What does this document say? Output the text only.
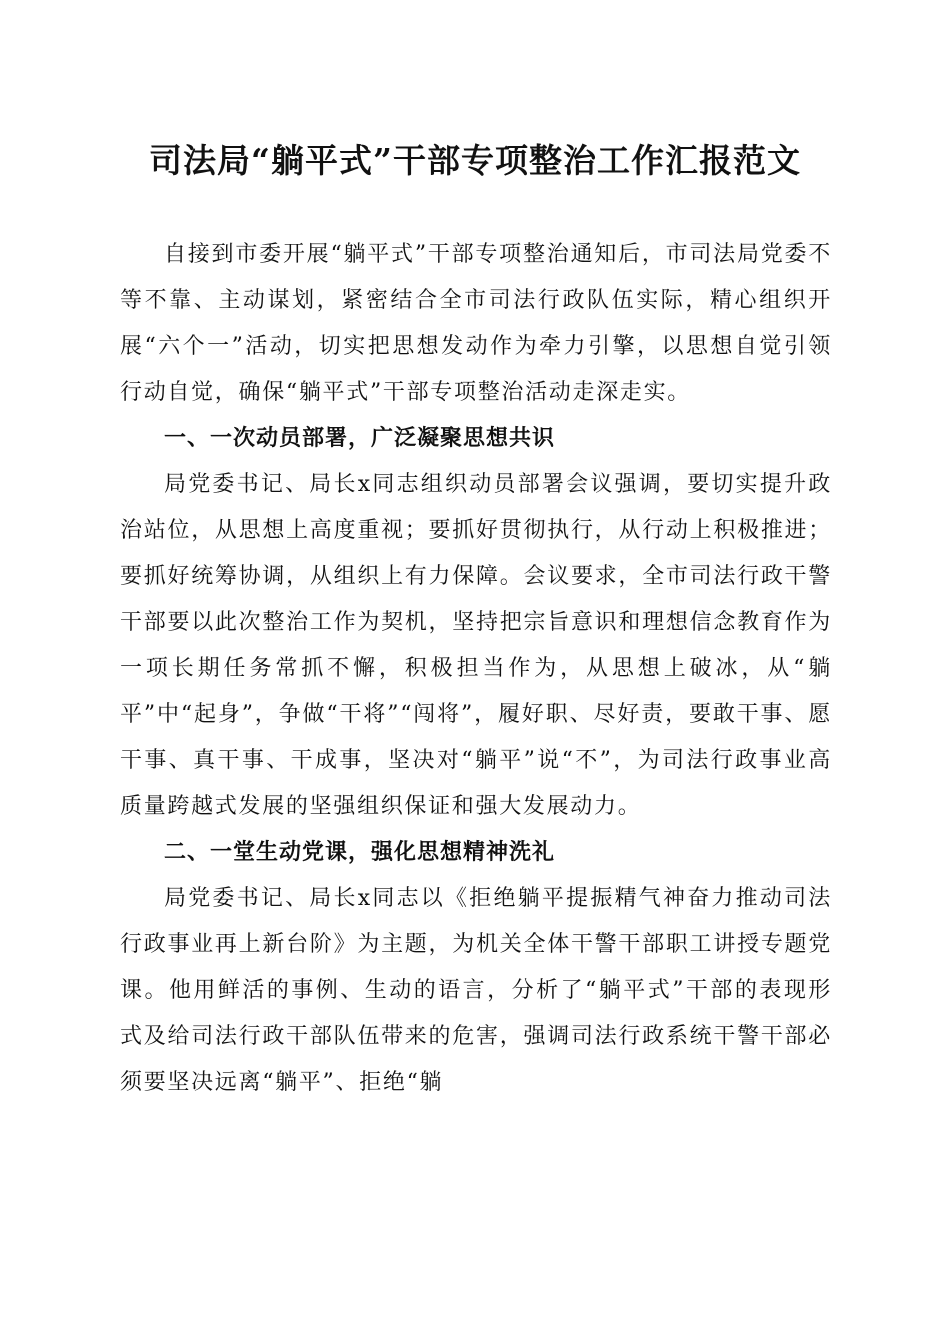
司法局“躺平式”干部专项整治工作汇报范文

自接到市委开展“躺平式”干部专项整治通知后，市司法局党委不等不靠、主动谋划，紧密结合全市司法行政队伍实际，精心组织开展“六个一”活动，切实把思想发动作为牵力引擎，以思想自觉引领行动自觉，确保“躺平式”干部专项整治活动走深走实。

一、一次动员部署，广泛凝聚思想共识

局党委书记、局长x同志组织动员部署会议强调，要切实提升政治站位，从思想上高度重视；要抓好贯彻执行，从行动上积极推进；要抓好统筹协调，从组织上有力保障。会议要求，全市司法行政干警干部要以此次整治工作为契机，坚持把宗旨意识和理想信念教育作为一项长期任务常抓不懈，积极担当作为，从思想上破冰，从“躺平”中“起身”，争做“干将”“闯将”，履好职、尽好责，要敢干事、愿干事、真干事、干成事，坚决对“躺平”说“不”，为司法行政事业高质量跨越式发展的坚强组织保证和强大发展动力。

二、一堂生动党课，强化思想精神洗礼

局党委书记、局长x同志以《拒绝躺平提振精气神奋力推动司法行政事业再上新台阶》为主题，为机关全体干警干部职工讲授专题党课。他用鲜活的事例、生动的语言，分析了“躺平式”干部的表现形式及给司法行政干部队伍带来的危害，强调司法行政系统干警干部必须要坚决远离“躺平”、拒绝“躺
